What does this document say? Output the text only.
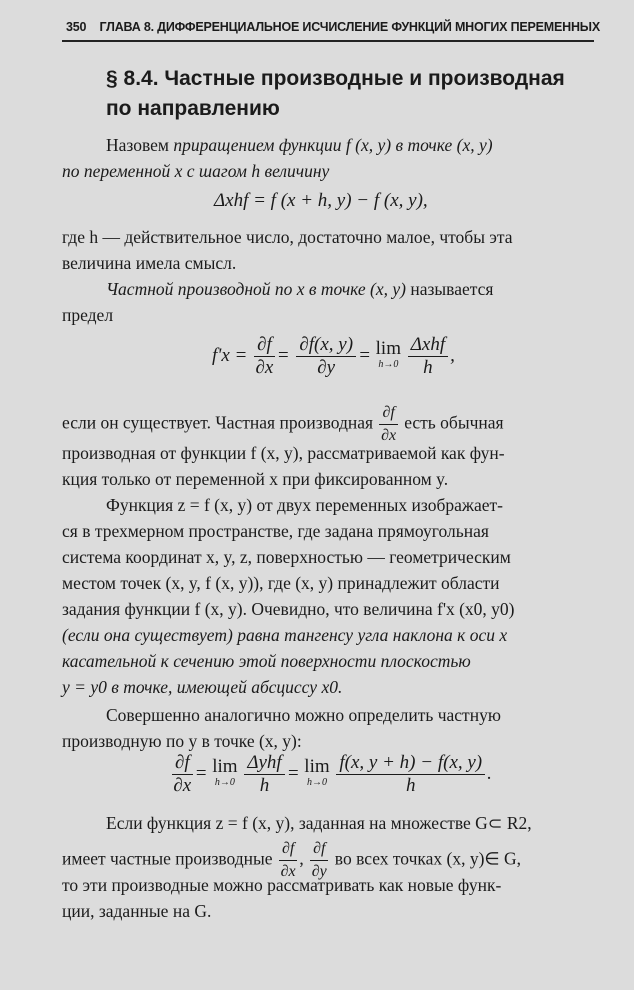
350 ГЛАВА 8. ДИФФЕРЕНЦИАЛЬНОЕ ИСЧИСЛЕНИЕ ФУНКЦИЙ МНОГИХ ПЕРЕМЕННЫХ
§ 8.4. Частные производные и производная
по направлению
Назовем приращением функции f (x, y) в точке (x, y)
по переменной x с шагом h величину
Δxhf = f (x + h, y) − f (x, y),
где h — действительное число, достаточно малое, чтобы эта
величина имела смысл.
Частной производной по x в точке (x, y) называется
предел
$f'x = \frac{\partial f}{\partial x} = \frac{\partial f(x, y)}{\partial y} = \lim$
h→0
$\frac{\text{Δxhf}}{h}$ ,
если он существует. Частная производная $\frac{\partial f}{\partial x}$ есть обычная
производная от функции f (x, y), рассматриваемой как фун-
кция только от переменной x при фиксированном y.
Функция z = f (x, y) от двух переменных изображает-
ся в трехмерном пространстве, где задана прямоугольная
система координат x, y, z, поверхностью — геометрическим
местом точек (x, y, f (x, y)), где (x, y) принадлежит области
задания функции f (x, y). Очевидно, что величина f'x (x0, y0)
(если она существует) равна тангенсу угла наклона к оси x
касательной к сечению этой поверхности плоскостью
y = y0 в точке, имеющей абсциссу x0.
Совершенно аналогично можно определить частную
производную по y в точке (x, y):
$\frac{\partial f}{\partial x} = \lim$
h→0
$\frac{\text{Δyhf}}{h} = \lim$
h→0
$\frac{f(x, y + h) - f(x, y)}{h}$ .
Если функция z = f (x, y), заданная на множестве G⊂ R2,
имеет частные производные $\frac{\partial f}{\partial x}$ , $\frac{\partial f}{\partial y}$ во всех точках (x, y)∈ G,
то эти производные можно рассматривать как новые функ-
ции, заданные на G.
